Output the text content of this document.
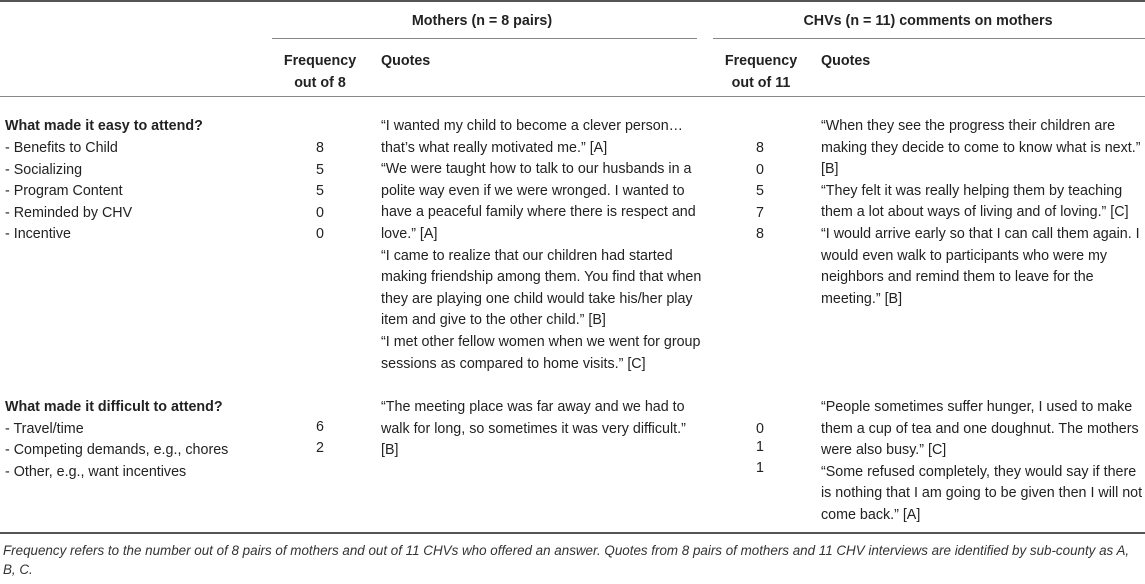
Mothers (n = 8 pairs)	CHVs (n = 11) comments on mothers
Frequency
out of 8
Quotes	Frequency
out of 11
Quotes
What made it easy to attend?
- Benefits to Child
- Socializing
- Program Content
- Reminded by CHV
- Incentive
8
5
5
0
0

“I wanted my child to become a clever person… that’s what really motivated me.” [A]

“We were taught how to talk to our husbands in a polite way even if we were wronged. I wanted to have a peaceful family where there is respect and love.” [A]

“I came to realize that our children had started making friendship among them. You find that when they are playing one child would take his/her play item and give to the other child.” [B]

“I met other fellow women when we went for group sessions as compared to home visits.” [C]

8
0
5
7
8

“When they see the progress their children are making they decide to come to know what is next.” [B]

“They felt it was really helping them by teaching them a lot about ways of living and of loving.” [C]

“I would arrive early so that I can call them again. I would even walk to participants who were my neighbors and remind them to leave for the meeting.” [B]

What made it difficult to attend?
- Travel/time
- Competing demands, e.g., chores
- Other, e.g., want incentives
6
2

“The meeting place was far away and we had to walk for long, so sometimes it was very difficult.” [B]

0
1
1

“People sometimes suffer hunger, I used to make them a cup of tea and one doughnut. The mothers were also busy.” [C]

“Some refused completely, they would say if there is nothing that I am going to be given then I will not come back.” [A]

Frequency refers to the number out of 8 pairs of mothers and out of 11 CHVs who offered an answer. Quotes from 8 pairs of mothers and 11 CHV interviews are identified by sub-county as A, B, C.
